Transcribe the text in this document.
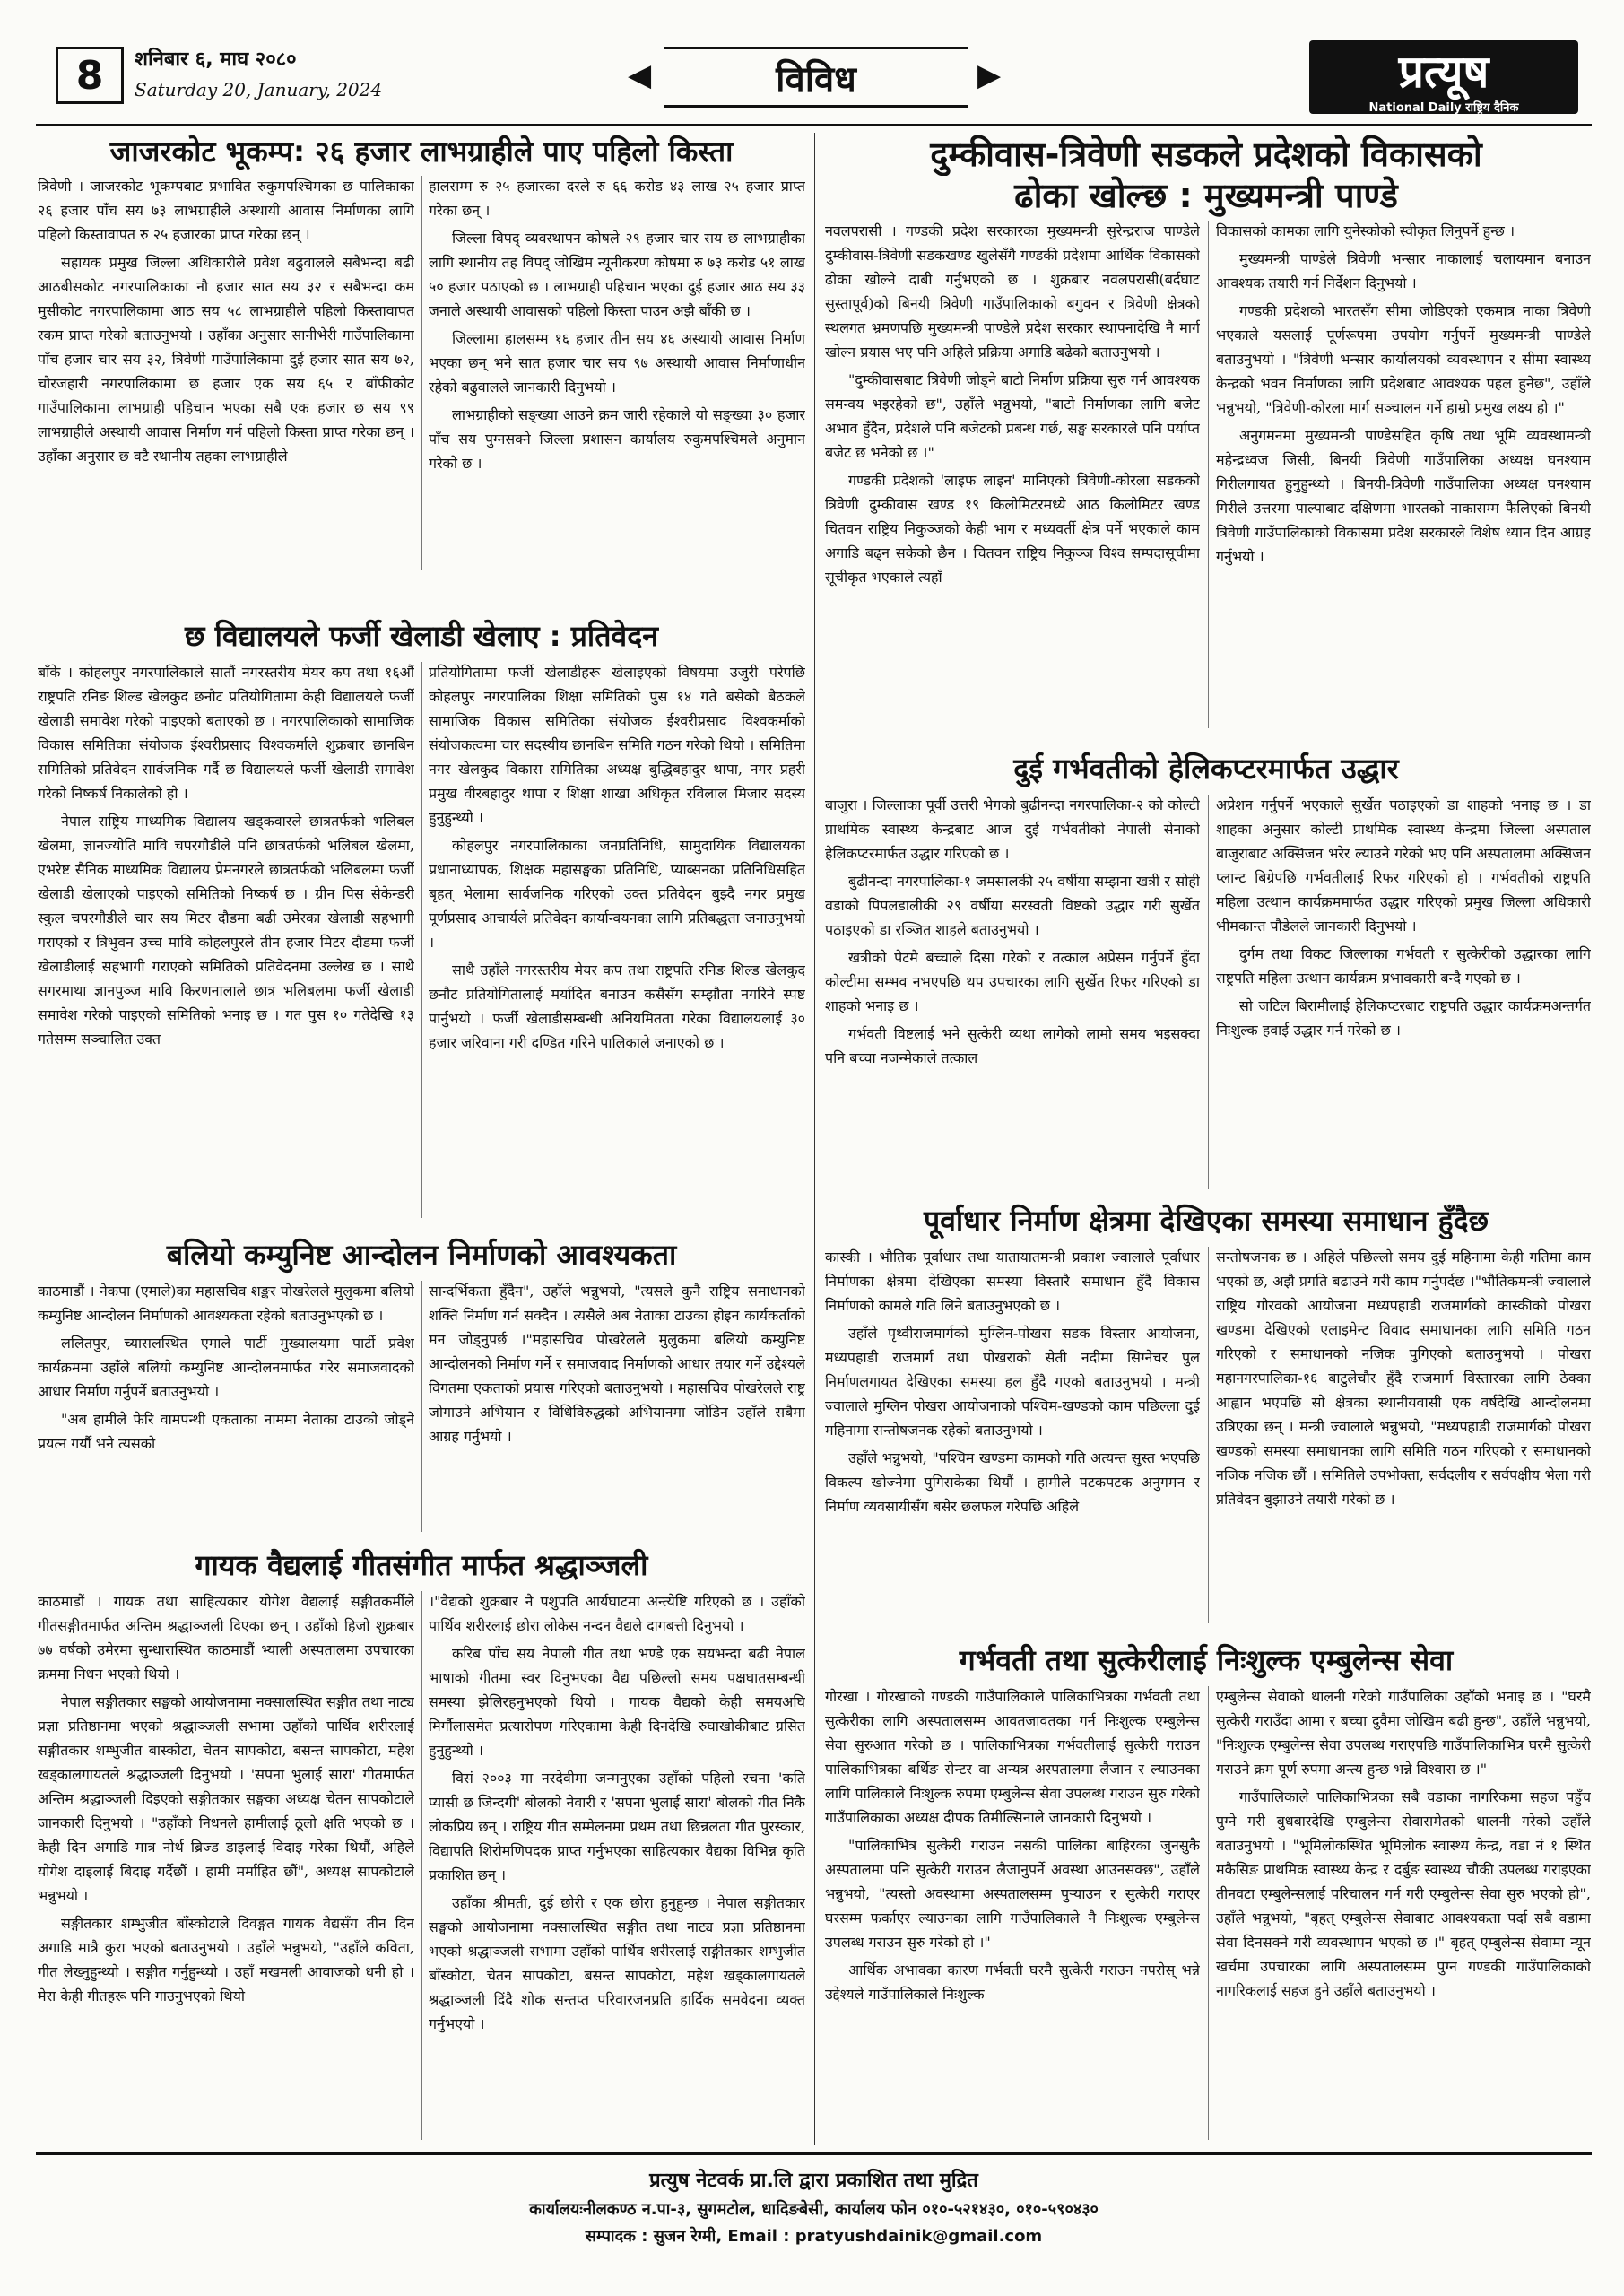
8	शनिबार ६, माघ २०८०
Saturday 20, January, 2024	◀	विविध	▶	प्रत्यूष
National Daily राष्ट्रिय दैनिक
जाजरकोट भूकम्प: २६ हजार लाभग्राहीले पाए पहिलो किस्ता

त्रिवेणी । जाजरकोट भूकम्पबाट प्रभावित रुकुमपश्चिमका छ पालिकाका २६ हजार पाँच सय ७३ लाभग्राहीले अस्थायी आवास निर्माणका लागि पहिलो किस्तावापत रु २५ हजारका प्राप्त गरेका छन् ।

सहायक प्रमुख जिल्ला अधिकारीले प्रवेश बढुवालले सबैभन्दा बढी आठबीसकोट नगरपालिकाका नौ हजार सात सय ३२ र सबैभन्दा कम मुसीकोट नगरपालिकामा आठ सय ५८ लाभग्राहीले पहिलो किस्तावापत रकम प्राप्त गरेको बताउनुभयो । उहाँका अनुसार सानीभेरी गाउँपालिकामा पाँच हजार चार सय ३२, त्रिवेणी गाउँपालिकामा दुई हजार सात सय ७२, चौरजहारी नगरपालिकामा छ हजार एक सय ६५ र बाँफीकोट गाउँपालिकामा लाभग्राही पहिचान भएका सबै एक हजार छ सय ९९ लाभग्राहीले अस्थायी आवास निर्माण गर्न पहिलो किस्ता प्राप्त गरेका छन् । उहाँका अनुसार छ वटै स्थानीय तहका लाभग्राहीले

हालसम्म रु २५ हजारका दरले रु ६६ करोड ४३ लाख २५ हजार प्राप्त गरेका छन् ।

जिल्ला विपद् व्यवस्थापन कोषले २९ हजार चार सय छ लाभग्राहीका लागि स्थानीय तह विपद् जोखिम न्यूनीकरण कोषमा रु ७३ करोड ५१ लाख ५० हजार पठाएको छ । लाभग्राही पहिचान भएका दुई हजार आठ सय ३३ जनाले अस्थायी आवासको पहिलो किस्ता पाउन अझै बाँकी छ ।

जिल्लामा हालसम्म १६ हजार तीन सय ४६ अस्थायी आवास निर्माण भएका छन् भने सात हजार चार सय ९७ अस्थायी आवास निर्माणाधीन रहेको बढुवालले जानकारी दिनुभयो ।

लाभग्राहीको सङ्ख्या आउने क्रम जारी रहेकाले यो सङ्ख्या ३० हजार पाँच सय पुग्नसक्ने जिल्ला प्रशासन कार्यालय रुकुमपश्चिमले अनुमान गरेको छ ।

छ विद्यालयले फर्जी खेलाडी खेलाए : प्रतिवेदन

बाँके । कोहलपुर नगरपालिकाले सातौं नगरस्तरीय मेयर कप तथा १६औं राष्ट्रपति रनिङ शिल्ड खेलकुद छनौट प्रतियोगितामा केही विद्यालयले फर्जी खेलाडी समावेश गरेको पाइएको बताएको छ । नगरपालिकाको सामाजिक विकास समितिका संयोजक ईश्वरीप्रसाद विश्वकर्माले शुक्रबार छानबिन समितिको प्रतिवेदन सार्वजनिक गर्दै छ विद्यालयले फर्जी खेलाडी समावेश गरेको निष्कर्ष निकालेको हो ।

नेपाल राष्ट्रिय माध्यमिक विद्यालय खड्कवारले छात्रतर्फको भलिबल खेलमा, ज्ञानज्योति मावि चपरगौडीले पनि छात्रतर्फको भलिबल खेलमा, एभरेष्ट सैनिक माध्यमिक विद्यालय प्रेमनगरले छात्रतर्फको भलिबलमा फर्जी खेलाडी खेलाएको पाइएको समितिको निष्कर्ष छ । ग्रीन पिस सेकेन्डरी स्कुल चपरगौडीले चार सय मिटर दौडमा बढी उमेरका खेलाडी सहभागी गराएको र त्रिभुवन उच्च मावि कोहलपुरले तीन हजार मिटर दौडमा फर्जी खेलाडीलाई सहभागी गराएको समितिको प्रतिवेदनमा उल्लेख छ । साथै सगरमाथा ज्ञानपुञ्ज मावि किरणनालाले छात्र भलिबलमा फर्जी खेलाडी समावेश गरेको पाइएको समितिको भनाइ छ । गत पुस १० गतेदेखि १३ गतेसम्म सञ्चालित उक्त

प्रतियोगितामा फर्जी खेलाडीहरू खेलाइएको विषयमा उजुरी परेपछि कोहलपुर नगरपालिका शिक्षा समितिको पुस १४ गते बसेको बैठकले सामाजिक विकास समितिका संयोजक ईश्वरीप्रसाद विश्वकर्माको संयोजकत्वमा चार सदस्यीय छानबिन समिति गठन गरेको थियो । समितिमा नगर खेलकुद विकास समितिका अध्यक्ष बुद्धिबहादुर थापा, नगर प्रहरी प्रमुख वीरबहादुर थापा र शिक्षा शाखा अधिकृत रविलाल मिजार सदस्य हुनुहुन्थ्यो ।

कोहलपुर नगरपालिकाका जनप्रतिनिधि, सामुदायिक विद्यालयका प्रधानाध्यापक, शिक्षक महासङ्घका प्रतिनिधि, प्याब्सनका प्रतिनिधिसहित बृहत् भेलामा सार्वजनिक गरिएको उक्त प्रतिवेदन बुझ्दै नगर प्रमुख पूर्णप्रसाद आचार्यले प्रतिवेदन कार्यान्वयनका लागि प्रतिबद्धता जनाउनुभयो ।

साथै उहाँले नगरस्तरीय मेयर कप तथा राष्ट्रपति रनिङ शिल्ड खेलकुद छनौट प्रतियोगितालाई मर्यादित बनाउन कसैसँग सम्झौता नगरिने स्पष्ट पार्नुभयो । फर्जी खेलाडीसम्बन्धी अनियमितता गरेका विद्यालयलाई ३० हजार जरिवाना गरी दण्डित गरिने पालिकाले जनाएको छ ।

बलियो कम्युनिष्ट आन्दोलन निर्माणको आवश्यकता

काठमाडौं । नेकपा (एमाले)का महासचिव शङ्कर पोखरेलले मुलुकमा बलियो कम्युनिष्ट आन्दोलन निर्माणको आवश्यकता रहेको बताउनुभएको छ ।

ललितपुर, च्यासलस्थित एमाले पार्टी मुख्यालयमा पार्टी प्रवेश कार्यक्रममा उहाँले बलियो कम्युनिष्ट आन्दोलनमार्फत गरेर समाजवादको आधार निर्माण गर्नुपर्ने बताउनुभयो ।

"अब हामीले फेरि वामपन्थी एकताका नाममा नेताका टाउको जोड्ने प्रयत्न गर्यौं भने त्यसको

सान्दर्भिकता हुँदैन", उहाँले भन्नुभयो, "त्यसले कुनै राष्ट्रिय समाधानको शक्ति निर्माण गर्न सक्दैन । त्यसैले अब नेताका टाउका होइन कार्यकर्ताको मन जोड्नुपर्छ ।"महासचिव पोखरेलले मुलुकमा बलियो कम्युनिष्ट आन्दोलनको निर्माण गर्ने र समाजवाद निर्माणको आधार तयार गर्ने उद्देश्यले विगतमा एकताको प्रयास गरिएको बताउनुभयो । महासचिव पोखरेलले राष्ट्र जोगाउने अभियान र विधिविरुद्धको अभियानमा जोडिन उहाँले सबैमा आग्रह गर्नुभयो ।

गायक वैद्यलाई गीतसंगीत मार्फत श्रद्धाञ्जली

काठमाडौं । गायक तथा साहित्यकार योगेश वैद्यलाई सङ्गीतकर्मीले गीतसङ्गीतमार्फत अन्तिम श्रद्धाञ्जली दिएका छन् । उहाँको हिजो शुक्रबार ७७ वर्षको उमेरमा सुन्धारास्थित काठमाडौं भ्याली अस्पतालमा उपचारका क्रममा निधन भएको थियो ।

नेपाल सङ्गीतकार सङ्घको आयोजनामा नक्सालस्थित सङ्गीत तथा नाट्य प्रज्ञा प्रतिष्ठानमा भएको श्रद्धाञ्जली सभामा उहाँको पार्थिव शरीरलाई सङ्गीतकार शम्भुजीत बास्कोटा, चेतन सापकोटा, बसन्त सापकोटा, महेश खड्कालगायतले श्रद्धाञ्जली दिनुभयो । 'सपना भुलाई सारा' गीतमार्फत अन्तिम श्रद्धाञ्जली दिइएको सङ्गीतकार सङ्घका अध्यक्ष चेतन सापकोटाले जानकारी दिनुभयो । "उहाँको निधनले हामीलाई ठूलो क्षति भएको छ । केही दिन अगाडि मात्र नोर्थ ब्रिज्ड डाइलाई विदाइ गरेका थियौं, अहिले योगेश दाइलाई बिदाइ गर्दैछौं । हामी मर्माहित छौं", अध्यक्ष सापकोटाले भन्नुभयो ।

सङ्गीतकार शम्भुजीत बाँस्कोटाले दिवङ्गत गायक वैद्यसँग तीन दिन अगाडि मात्रै कुरा भएको बताउनुभयो । उहाँले भन्नुभयो, "उहाँले कविता, गीत लेख्नुहुन्थ्यो । सङ्गीत गर्नुहुन्थ्यो । उहाँ मखमली आवाजको धनी हो । मेरा केही गीतहरू पनि गाउनुभएको थियो

।"वैद्यको शुक्रबार नै पशुपति आर्यघाटमा अन्त्येष्टि गरिएको छ । उहाँको पार्थिव शरीरलाई छोरा लोकेस नन्दन वैद्यले दागबत्ती दिनुभयो ।

करिब पाँच सय नेपाली गीत तथा भण्डै एक सयभन्दा बढी नेपाल भाषाको गीतमा स्वर दिनुभएका वैद्य पछिल्लो समय पक्षघातसम्बन्धी समस्या झेलिरहनुभएको थियो । गायक वैद्यको केही समयअघि मिर्गौलासमेत प्रत्यारोपण गरिएकामा केही दिनदेखि रुघाखोकीबाट ग्रसित हुनुहुन्थ्यो ।

विसं २००३ मा नरदेवीमा जन्मनुएका उहाँको पहिलो रचना 'कति प्यासी छ जिन्दगी' बोलको नेवारी र 'सपना भुलाई सारा' बोलको गीत निकै लोकप्रिय छन् । राष्ट्रिय गीत सम्मेलनमा प्रथम तथा छिन्नलता गीत पुरस्कार, विद्यापति शिरोमणिपदक प्राप्त गर्नुभएका साहित्यकार वैद्यका विभिन्न कृति प्रकाशित छन् ।

उहाँका श्रीमती, दुई छोरी र एक छोरा हुनुहुन्छ । नेपाल सङ्गीतकार सङ्घको आयोजनामा नक्सालस्थित सङ्गीत तथा नाट्य प्रज्ञा प्रतिष्ठानमा भएको श्रद्धाञ्जली सभामा उहाँको पार्थिव शरीरलाई सङ्गीतकार शम्भुजीत बाँस्कोटा, चेतन सापकोटा, बसन्त सापकोटा, महेश खड्कालगायतले श्रद्धाञ्जली दिंदै शोक सन्तप्त परिवारजनप्रति हार्दिक समवेदना व्यक्त गर्नुभएयो ।

दुम्कीवास-त्रिवेणी सडकले प्रदेशको विकासको
ढोका खोल्छ : मुख्यमन्त्री पाण्डे

नवलपरासी । गण्डकी प्रदेश सरकारका मुख्यमन्त्री सुरेन्द्रराज पाण्डेले दुम्कीवास-त्रिवेणी सडकखण्ड खुलेसँगै गण्डकी प्रदेशमा आर्थिक विकासको ढोका खोल्ने दाबी गर्नुभएको छ । शुक्रबार नवलपरासी(बर्दघाट सुस्तापूर्व)को बिनयी त्रिवेणी गाउँपालिकाको बगुवन र त्रिवेणी क्षेत्रको स्थलगत भ्रमणपछि मुख्यमन्त्री पाण्डेले प्रदेश सरकार स्थापनादेखि नै मार्ग खोल्न प्रयास भए पनि अहिले प्रक्रिया अगाडि बढेको बताउनुभयो ।

"दुम्कीवासबाट त्रिवेणी जोड्ने बाटो निर्माण प्रक्रिया सुरु गर्न आवश्यक समन्वय भइरहेको छ", उहाँले भन्नुभयो, "बाटो निर्माणका लागि बजेट अभाव हुँदैन, प्रदेशले पनि बजेटको प्रबन्ध गर्छ, सङ्घ सरकारले पनि पर्याप्त बजेट छ भनेको छ ।"

गण्डकी प्रदेशको 'लाइफ लाइन' मानिएको त्रिवेणी-कोरला सडकको त्रिवेणी दुम्कीवास खण्ड १९ किलोमिटरमध्ये आठ किलोमिटर खण्ड चितवन राष्ट्रिय निकुञ्जको केही भाग र मध्यवर्ती क्षेत्र पर्ने भएकाले काम अगाडि बढ्न सकेको छैन । चितवन राष्ट्रिय निकुञ्ज विश्व सम्पदासूचीमा सूचीकृत भएकाले त्यहाँ

विकासको कामका लागि युनेस्कोको स्वीकृत लिनुपर्ने हुन्छ ।

मुख्यमन्त्री पाण्डेले त्रिवेणी भन्सार नाकालाई चलायमान बनाउन आवश्यक तयारी गर्न निर्देशन दिनुभयो ।

गण्डकी प्रदेशको भारतसँग सीमा जोडिएको एकमात्र नाका त्रिवेणी भएकाले यसलाई पूर्णरूपमा उपयोग गर्नुपर्ने मुख्यमन्त्री पाण्डेले बताउनुभयो । "त्रिवेणी भन्सार कार्यालयको व्यवस्थापन र सीमा स्वास्थ्य केन्द्रको भवन निर्माणका लागि प्रदेशबाट आवश्यक पहल हुनेछ", उहाँले भन्नुभयो, "त्रिवेणी-कोरला मार्ग सञ्चालन गर्ने हाम्रो प्रमुख लक्ष्य हो ।"

अनुगमनमा मुख्यमन्त्री पाण्डेसहित कृषि तथा भूमि व्यवस्थामन्त्री महेन्द्रध्वज जिसी, बिनयी त्रिवेणी गाउँपालिका अध्यक्ष घनश्याम गिरीलगायत हुनुहुन्थ्यो । बिनयी-त्रिवेणी गाउँपालिका अध्यक्ष घनश्याम गिरीले उत्तरमा पाल्पाबाट दक्षिणमा भारतको नाकासम्म फैलिएको बिनयी त्रिवेणी गाउँपालिकाको विकासमा प्रदेश सरकारले विशेष ध्यान दिन आग्रह गर्नुभयो ।

दुई गर्भवतीको हेलिकप्टरमार्फत उद्धार

बाजुरा । जिल्लाका पूर्वी उत्तरी भेगको बुढीनन्दा नगरपालिका-२ को कोल्टी प्राथमिक स्वास्थ्य केन्द्रबाट आज दुई गर्भवतीको नेपाली सेनाको हेलिकप्टरमार्फत उद्धार गरिएको छ ।

बुढीनन्दा नगरपालिका-१ जमसालकी २५ वर्षीया सम्झना खत्री र सोही वडाको पिपलडालीकी २९ वर्षीया सरस्वती विष्टको उद्धार गरी सुर्खेत पठाइएको डा रञ्जित शाहले बताउनुभयो ।

खत्रीको पेटमै बच्चाले दिसा गरेको र तत्काल अप्रेसन गर्नुपर्ने हुँदा कोल्टीमा सम्भव नभएपछि थप उपचारका लागि सुर्खेत रिफर गरिएको डा शाहको भनाइ छ ।

गर्भवती विष्टलाई भने सुत्केरी व्यथा लागेको लामो समय भइसक्दा पनि बच्चा नजन्मेकाले तत्काल

अप्रेशन गर्नुपर्ने भएकाले सुर्खेत पठाइएको डा शाहको भनाइ छ । डा शाहका अनुसार कोल्टी प्राथमिक स्वास्थ्य केन्द्रमा जिल्ला अस्पताल बाजुराबाट अक्सिजन भरेर ल्याउने गरेको भए पनि अस्पतालमा अक्सिजन प्लान्ट बिग्रेपछि गर्भवतीलाई रिफर गरिएको हो । गर्भवतीको राष्ट्रपति महिला उत्थान कार्यक्रममार्फत उद्धार गरिएको प्रमुख जिल्ला अधिकारी भीमकान्त पौडेलले जानकारी दिनुभयो ।

दुर्गम तथा विकट जिल्लाका गर्भवती र सुत्केरीको उद्धारका लागि राष्ट्रपति महिला उत्थान कार्यक्रम प्रभावकारी बन्दै गएको छ ।

सो जटिल बिरामीलाई हेलिकप्टरबाट राष्ट्रपति उद्धार कार्यक्रमअन्तर्गत निःशुल्क हवाई उद्धार गर्न गरेको छ ।

पूर्वाधार निर्माण क्षेत्रमा देखिएका समस्या समाधान हुँदैछ

कास्की । भौतिक पूर्वाधार तथा यातायातमन्त्री प्रकाश ज्वालाले पूर्वाधार निर्माणका क्षेत्रमा देखिएका समस्या विस्तारै समाधान हुँदै विकास निर्माणको कामले गति लिने बताउनुभएको छ ।

उहाँले पृथ्वीराजमार्गको मुग्लिन-पोखरा सडक विस्तार आयोजना, मध्यपहाडी राजमार्ग तथा पोखराको सेती नदीमा सिग्नेचर पुल निर्माणलगायत देखिएका समस्या हल हुँदै गएको बताउनुभयो । मन्त्री ज्वालाले मुग्लिन पोखरा आयोजनाको पश्चिम-खण्डको काम पछिल्ला दुई महिनामा सन्तोषजनक रहेको बताउनुभयो ।

उहाँले भन्नुभयो, "पश्चिम खण्डमा कामको गति अत्यन्त सुस्त भएपछि विकल्प खोज्नेमा पुगिसकेका थियौं । हामीले पटकपटक अनुगमन र निर्माण व्यवसायीसँग बसेर छलफल गरेपछि अहिले

सन्तोषजनक छ । अहिले पछिल्लो समय दुई महिनामा केही गतिमा काम भएको छ, अझै प्रगति बढाउने गरी काम गर्नुपर्दछ ।"भौतिकमन्त्री ज्वालाले राष्ट्रिय गौरवको आयोजना मध्यपहाडी राजमार्गको कास्कीको पोखरा खण्डमा देखिएको एलाइमेन्ट विवाद समाधानका लागि समिति गठन गरिएको र समाधानको नजिक पुगिएको बताउनुभयो । पोखरा महानगरपालिका-१६ बाटुलेचौर हुँदै राजमार्ग विस्तारका लागि ठेक्का आह्वान भएपछि सो क्षेत्रका स्थानीयवासी एक वर्षदेखि आन्दोलनमा उत्रिएका छन् । मन्त्री ज्वालाले भन्नुभयो, "मध्यपहाडी राजमार्गको पोखरा खण्डको समस्या समाधानका लागि समिति गठन गरिएको र समाधानको नजिक नजिक छौं । समितिले उपभोक्ता, सर्वदलीय र सर्वपक्षीय भेला गरी प्रतिवेदन बुझाउने तयारी गरेको छ ।

गर्भवती तथा सुत्केरीलाई निःशुल्क एम्बुलेन्स सेवा

गोरखा । गोरखाको गण्डकी गाउँपालिकाले पालिकाभित्रका गर्भवती तथा सुत्केरीका लागि अस्पतालसम्म आवतजावतका गर्न निःशुल्क एम्बुलेन्स सेवा सुरुआत गरेको छ । पालिकाभित्रका गर्भवतीलाई सुत्केरी गराउन पालिकाभित्रका बर्थिङ सेन्टर वा अन्यत्र अस्पतालमा लैजान र ल्याउनका लागि पालिकाले निःशुल्क रुपमा एम्बुलेन्स सेवा उपलब्ध गराउन सुरु गरेको गाउँपालिकाका अध्यक्ष दीपक तिमील्सिनाले जानकारी दिनुभयो ।

"पालिकाभित्र सुत्केरी गराउन नसकी पालिका बाहिरका जुनसुकै अस्पतालमा पनि सुत्केरी गराउन लैजानुपर्ने अवस्था आउनसक्छ", उहाँले भन्नुभयो, "त्यस्तो अवस्थामा अस्पतालसम्म पुऱ्याउन र सुत्केरी गराएर घरसम्म फर्काएर ल्याउनका लागि गाउँपालिकाले नै निःशुल्क एम्बुलेन्स उपलब्ध गराउन सुरु गरेको हो ।"

आर्थिक अभावका कारण गर्भवती घरमै सुत्केरी गराउन नपरोस् भन्ने उद्देश्यले गाउँपालिकाले निःशुल्क

एम्बुलेन्स सेवाको थालनी गरेको गाउँपालिका उहाँको भनाइ छ । "घरमै सुत्केरी गराउँदा आमा र बच्चा दुवैमा जोखिम बढी हुन्छ", उहाँले भन्नुभयो, "निःशुल्क एम्बुलेन्स सेवा उपलब्ध गराएपछि गाउँपालिकाभित्र घरमै सुत्केरी गराउने क्रम पूर्ण रुपमा अन्त्य हुन्छ भन्ने विश्वास छ ।"

गाउँपालिकाले पालिकाभित्रका सबै वडाका नागरिकमा सहज पहुँच पुग्ने गरी बुधबारदेखि एम्बुलेन्स सेवासमेतको थालनी गरेको उहाँले बताउनुभयो । "भूमिलोकस्थित भूमिलोक स्वास्थ्य केन्द्र, वडा नं १ स्थित मकैसिङ प्राथमिक स्वास्थ्य केन्द्र र दर्बुङ स्वास्थ्य चौकी उपलब्ध गराइएका तीनवटा एम्बुलेन्सलाई परिचालन गर्न गरी एम्बुलेन्स सेवा सुरु भएको हो", उहाँले भन्नुभयो, "बृहत् एम्बुलेन्स सेवाबाट आवश्यकता पर्दा सबै वडामा सेवा दिनसक्ने गरी व्यवस्थापन भएको छ ।" बृहत् एम्बुलेन्स सेवामा न्यून खर्चमा उपचारका लागि अस्पतालसम्म पुग्न गण्डकी गाउँपालिकाको नागरिकलाई सहज हुने उहाँले बताउनुभयो ।

प्रत्युष नेटवर्क प्रा.लि द्वारा प्रकाशित तथा मुद्रित
कार्यालयःनीलकण्ठ न.पा-३, सुगमटोल, धादिङबेसी, कार्यालय फोन ०१०-५२१४३०, ०१०-५९०४३०
सम्पादक : सुजन रेग्मी, Email : pratyushdainik@gmail.com
